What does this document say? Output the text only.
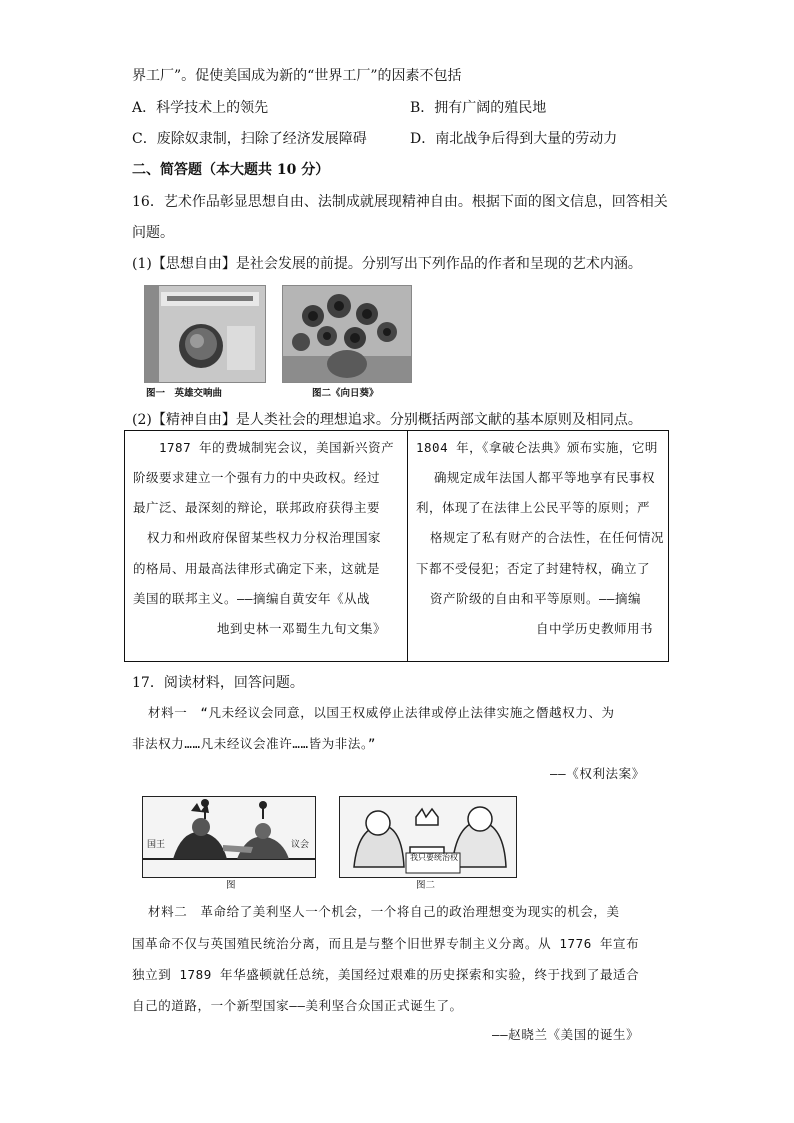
界工厂”。促使美国成为新的“世界工厂”的因素不包括
A．科学技术上的领先	B．拥有广阔的殖民地
C．废除奴隶制，扫除了经济发展障碍	D．南北战争后得到大量的劳动力
二、简答题（本大题共 10 分）
16．艺术作品彰显思想自由、法制成就展现精神自由。根据下面的图文信息，回答相关
问题。
(1)【思想自由】是社会发展的前提。分别写出下列作品的作者和呈现的艺术内涵。
图一　英雄交响曲	图二《向日葵》
(2)【精神自由】是人类社会的理想追求。分别概括两部文献的基本原则及相同点。
1787 年的费城制宪会议，美国新兴资产
阶级要求建立一个强有力的中央政权。经过
最广泛、最深刻的辩论，联邦政府获得主要
权力和州政府保留某些权力分权治理国家
的格局、用最高法律形式确定下来，这就是
美国的联邦主义。——摘编自黄安年《从战
地到史林一邓蜀生九旬文集》
1804 年，《拿破仑法典》颁布实施，它明
确规定成年法国人都平等地享有民事权
利，体现了在法律上公民平等的原则；严
格规定了私有财产的合法性，在任何情况
下都不受侵犯；否定了封建特权，确立了
资产阶级的自由和平等原则。——摘编
自中学历史教师用书
17．阅读材料，回答问题。
材料一　“凡未经议会同意，以国王权威停止法律或停止法律实施之僭越权力、为
非法权力……凡未经议会准许……皆为非法。”
——《权利法案》
国王	议会
图
我只要统治权
图二
材料二　革命给了美利坚人一个机会，一个将自己的政治理想变为现实的机会，美
国革命不仅与英国殖民统治分离，而且是与整个旧世界专制主义分离。从 1776 年宣布
独立到 1789 年华盛顿就任总统，美国经过艰难的历史探索和实验，终于找到了最适合
自己的道路，一个新型国家——美利坚合众国正式诞生了。
——赵晓兰《美国的诞生》
